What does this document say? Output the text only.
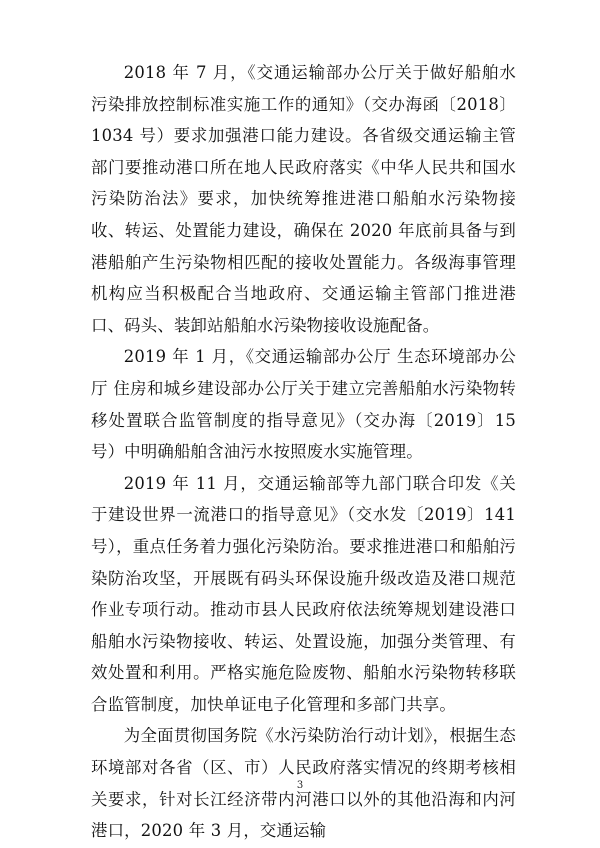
2018 年 7 月，《交通运输部办公厅关于做好船舶水污染排放控制标准实施工作的通知》（交办海函〔2018〕1034 号）要求加强港口能力建设。各省级交通运输主管部门要推动港口所在地人民政府落实《中华人民共和国水污染防治法》要求，加快统筹推进港口船舶水污染物接收、转运、处置能力建设，确保在 2020 年底前具备与到港船舶产生污染物相匹配的接收处置能力。各级海事管理机构应当积极配合当地政府、交通运输主管部门推进港口、码头、装卸站船舶水污染物接收设施配备。

2019 年 1 月，《交通运输部办公厅 生态环境部办公厅 住房和城乡建设部办公厅关于建立完善船舶水污染物转移处置联合监管制度的指导意见》（交办海〔2019〕15 号）中明确船舶含油污水按照废水实施管理。

2019 年 11 月，交通运输部等九部门联合印发《关于建设世界一流港口的指导意见》（交水发〔2019〕141 号），重点任务着力强化污染防治。要求推进港口和船舶污染防治攻坚，开展既有码头环保设施升级改造及港口规范作业专项行动。推动市县人民政府依法统筹规划建设港口船舶水污染物接收、转运、处置设施，加强分类管理、有效处置和利用。严格实施危险废物、船舶水污染物转移联合监管制度，加快单证电子化管理和多部门共享。

为全面贯彻国务院《水污染防治行动计划》，根据生态环境部对各省（区、市）人民政府落实情况的终期考核相关要求，针对长江经济带内河港口以外的其他沿海和内河港口，2020 年 3 月，交通运输

3
